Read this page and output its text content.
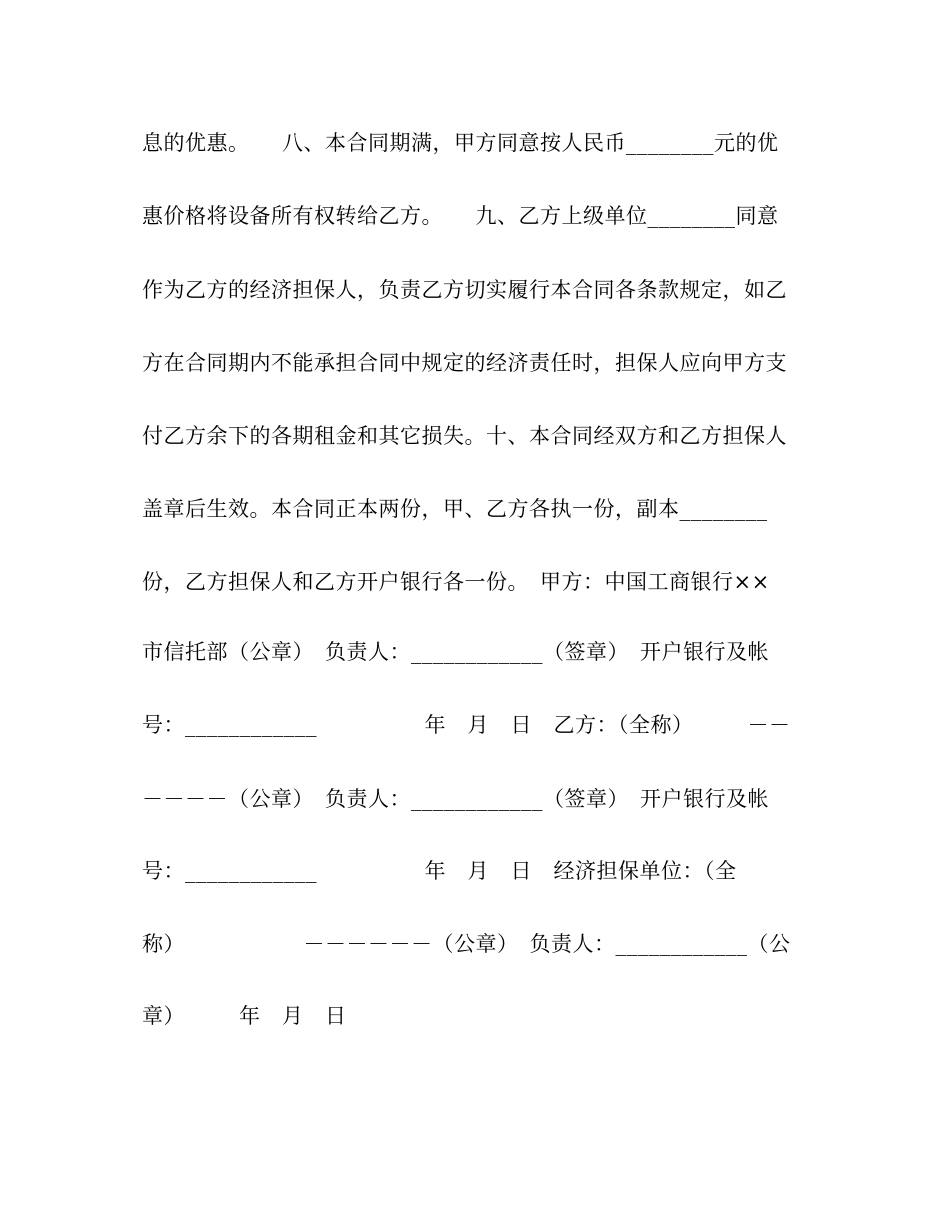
息的优惠。　　八、本合同期满，甲方同意按人民币________元的优
惠价格将设备所有权转给乙方。　　九、乙方上级单位________同意
作为乙方的经济担保人，负责乙方切实履行本合同各条款规定，如乙
方在合同期内不能承担合同中规定的经济责任时，担保人应向甲方支
付乙方余下的各期租金和其它损失。十、本合同经双方和乙方担保人
盖章后生效。本合同正本两份，甲、乙方各执一份，副本________
份，乙方担保人和乙方开户银行各一份。　甲方：中国工商银行××
市信托部（公章）　负责人：____________（签章）　开户银行及帐
号：____________　　　　　年　月　日　乙方：（全称）　　　－－
－－－－（公章）　负责人：____________（签章）　开户银行及帐
号：____________　　　　　年　月　日　经济担保单位：（全
称）　　　　　　－－－－－－（公章）　负责人：____________（公
章）　　　年　月　日
